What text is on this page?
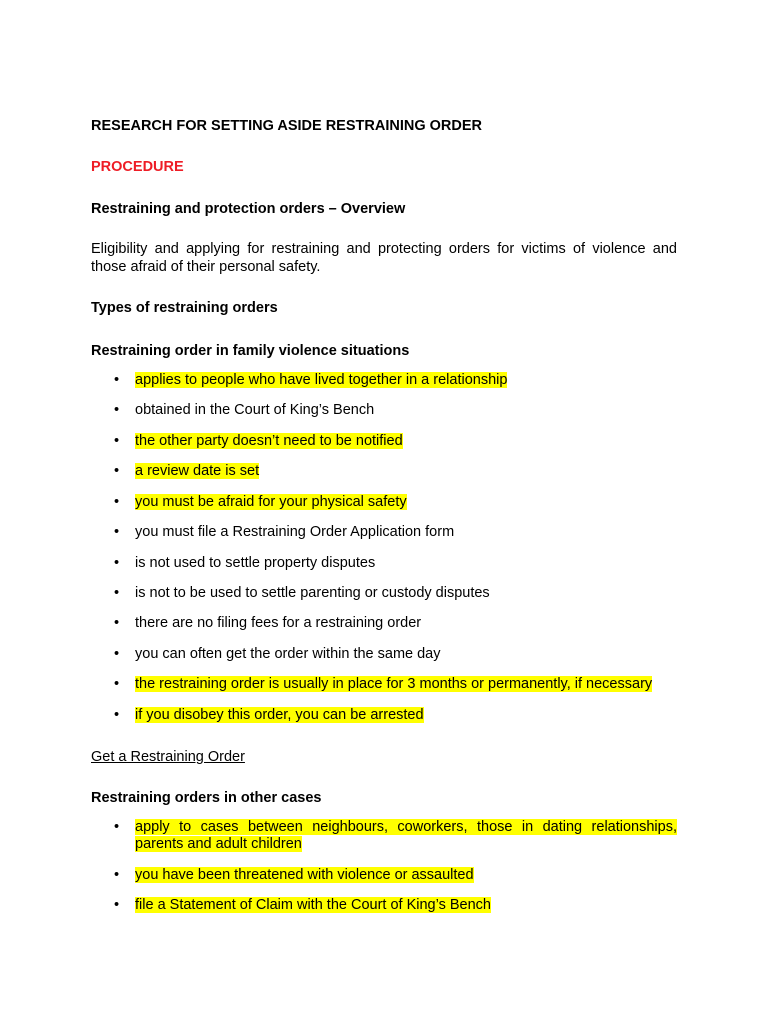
RESEARCH FOR SETTING ASIDE RESTRAINING ORDER

PROCEDURE

Restraining and protection orders – Overview

Eligibility and applying for restraining and protecting orders for victims of violence and those afraid of their personal safety.

Types of restraining orders

Restraining order in family violence situations

applies to people who have lived together in a relationship
obtained in the Court of King’s Bench
the other party doesn’t need to be notified
a review date is set
you must be afraid for your physical safety
you must file a Restraining Order Application form
is not used to settle property disputes
is not to be used to settle parenting or custody disputes
there are no filing fees for a restraining order
you can often get the order within the same day
the restraining order is usually in place for 3 months or permanently, if necessary
if you disobey this order, you can be arrested

Get a Restraining Order

Restraining orders in other cases

apply to cases between neighbours, coworkers, those in dating relationships, parents and adult children
you have been threatened with violence or assaulted
file a Statement of Claim with the Court of King’s Bench
